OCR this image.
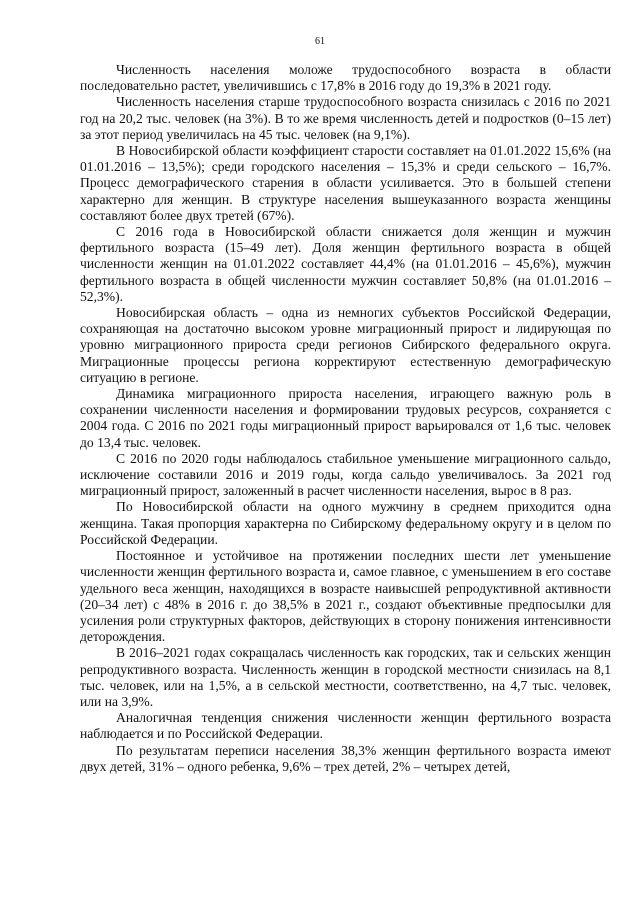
61

Численность населения моложе трудоспособного возраста в области последовательно растет, увеличившись с 17,8% в 2016 году до 19,3% в 2021 году.

Численность населения старше трудоспособного возраста снизилась с 2016 по 2021 год на 20,2 тыс. человек (на 3%). В то же время численность детей и подростков (0–15 лет) за этот период увеличилась на 45 тыс. человек (на 9,1%).

В Новосибирской области коэффициент старости составляет на 01.01.2022 15,6% (на 01.01.2016 – 13,5%); среди городского населения – 15,3% и среди сельского – 16,7%. Процесс демографического старения в области усиливается. Это в большей степени характерно для женщин. В структуре населения вышеуказанного возраста женщины составляют более двух третей (67%).

С 2016 года в Новосибирской области снижается доля женщин и мужчин фертильного возраста (15–49 лет). Доля женщин фертильного возраста в общей численности женщин на 01.01.2022 составляет 44,4% (на 01.01.2016 – 45,6%), мужчин фертильного возраста в общей численности мужчин составляет 50,8% (на 01.01.2016 – 52,3%).

Новосибирская область – одна из немногих субъектов Российской Федерации, сохраняющая на достаточно высоком уровне миграционный прирост и лидирующая по уровню миграционного прироста среди регионов Сибирского федерального округа. Миграционные процессы региона корректируют естественную демографическую ситуацию в регионе.

Динамика миграционного прироста населения, играющего важную роль в сохранении численности населения и формировании трудовых ресурсов, сохраняется с 2004 года. С 2016 по 2021 годы миграционный прирост варьировался от 1,6 тыс. человек до 13,4 тыс. человек.

С 2016 по 2020 годы наблюдалось стабильное уменьшение миграционного сальдо, исключение составили 2016 и 2019 годы, когда сальдо увеличивалось. За 2021 год миграционный прирост, заложенный в расчет численности населения, вырос в 8 раз.

По Новосибирской области на одного мужчину в среднем приходится одна женщина. Такая пропорция характерна по Сибирскому федеральному округу и в целом по Российской Федерации.

Постоянное и устойчивое на протяжении последних шести лет уменьшение численности женщин фертильного возраста и, самое главное, с уменьшением в его составе удельного веса женщин, находящихся в возрасте наивысшей репродуктивной активности (20–34 лет) с 48% в 2016 г. до 38,5% в 2021 г., создают объективные предпосылки для усиления роли структурных факторов, действующих в сторону понижения интенсивности деторождения.

В 2016–2021 годах сокращалась численность как городских, так и сельских женщин репродуктивного возраста. Численность женщин в городской местности снизилась на 8,1 тыс. человек, или на 1,5%, а в сельской местности, соответственно, на 4,7 тыс. человек, или на 3,9%.

Аналогичная тенденция снижения численности женщин фертильного возраста наблюдается и по Российской Федерации.

По результатам переписи населения 38,3% женщин фертильного возраста имеют двух детей, 31% – одного ребенка, 9,6% – трех детей, 2% – четырех детей,
